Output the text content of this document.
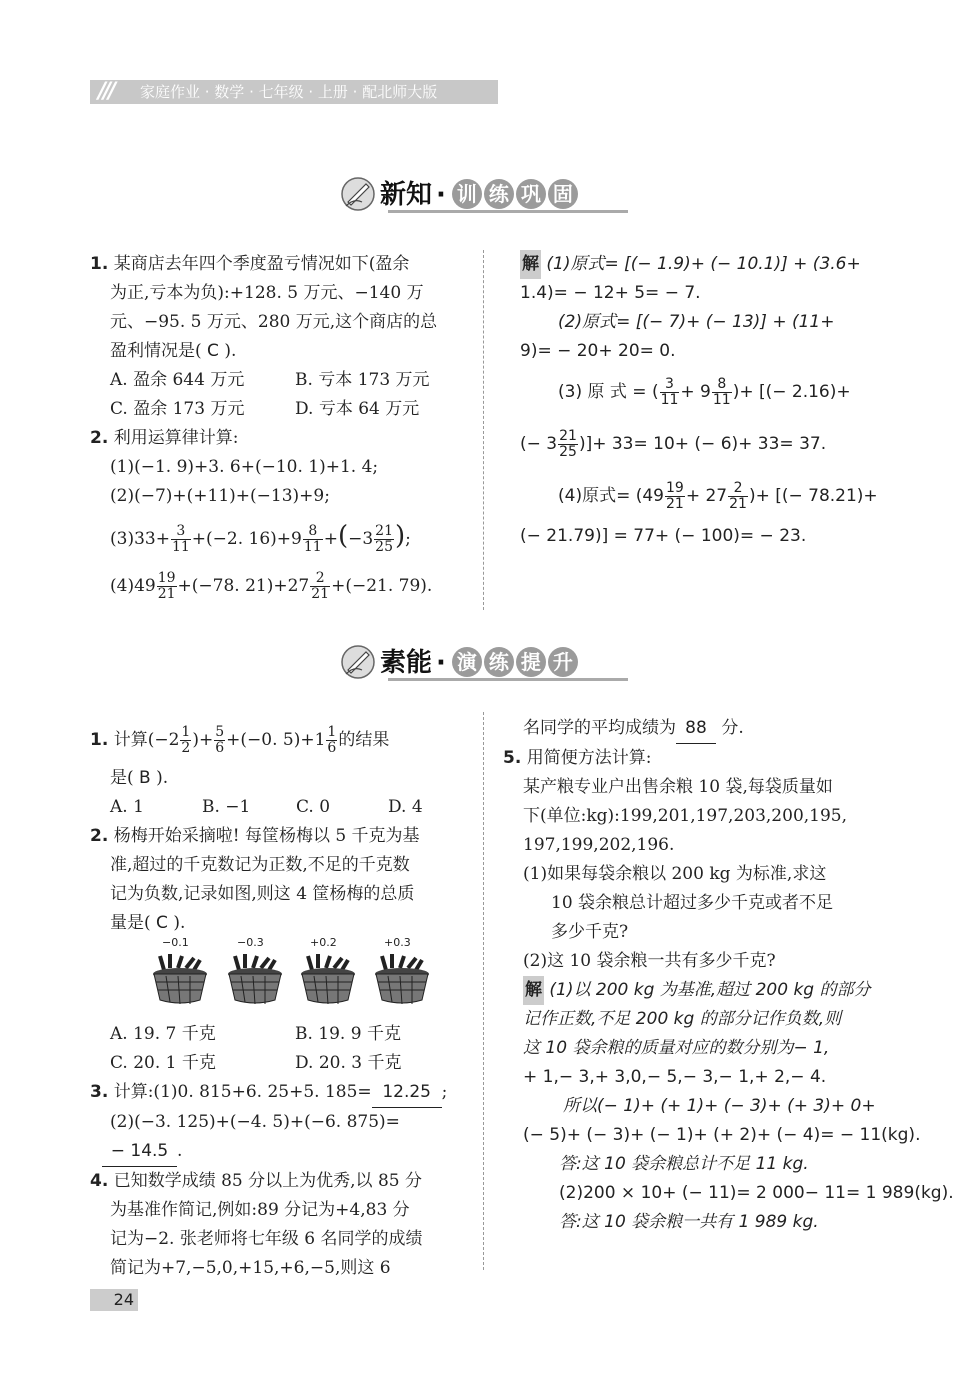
/// 家庭作业 · 数学 · 七年级 · 上册 · 配北师大版
新知 · 训 练 巩 固
1. 某商店去年四个季度盈亏情况如下(盈余
为正,亏本为负):+128. 5 万元、−140 万
元、−95. 5 万元、280 万元,这个商店的总
盈利情况是( C ).
A. 盈余 644 万元	B. 亏本 173 万元
C. 盈余 173 万元	D. 亏本 64 万元
2. 利用运算律计算:
(1)(−1. 9)+3. 6+(−10. 1)+1. 4;
(2)(−7)+(+11)+(−13)+9;
$(3)33+ \frac{3}{11} +(-2$. $16)+9 \frac{8}{11} +(-3 \frac{21}{25}$ );
$(4)49 \frac{19}{21} +(-78$. $21)+27 \frac{2}{21} +(-21$. 79).
解 (1)原式= [(− 1.9)+ (− 10.1)] + (3.6+
1.4)= − 12+ 5= − 7.
(2)原式= [(− 7)+ (− 13)] + (11+
9)= − 20+ 20= 0.
(3) 原 式 = ( $\frac{3}{11} + 9 \frac{8}{11}$ )+ [(− 2.16)+
(− $3 \frac{21}{25}$ )]+ 33= 10+ (− 6)+ 33= 37.
(4)原式= ($49 \frac{19}{21} + 27 \frac{2}{21}$ )+ [(− 78.21)+
(− 21.79)] = 77+ (− 100)= − 23.
素能 · 演 练 提 升
1. 计算($-2 \frac{1}{2}$ )+ $\frac{5}{6} +(-0$. $5)+1 \frac{1}{6}$ 的结果
是( B ).
A. 1	B. −1	C. 0	D. 4
2. 杨梅开始采摘啦! 每筐杨梅以 5 千克为基
准,超过的千克数记为正数,不足的千克数
记为负数,记录如图,则这 4 筐杨梅的总质
量是( C ).
A. 19. 7 千克	B. 19. 9 千克
C. 20. 1 千克	D. 20. 3 千克
3. 计算:(1)0. 815+6. 25+5. 185= 12.25 ;
(2)(−3. 125)+(−4. 5)+(−6. 875)=
− 14.5 .
4. 已知数学成绩 85 分以上为优秀,以 85 分
为基准作简记,例如:89 分记为+4,83 分
记为−2. 张老师将七年级 6 名同学的成绩
简记为+7,−5,0,+15,+6,−5,则这 6
−0.1	−0.3	+0.2	+0.3
名同学的平均成绩为 88 分.
5. 用简便方法计算:
某产粮专业户出售余粮 10 袋,每袋质量如
下(单位:kg):199,201,197,203,200,195,
197,199,202,196.
(1)如果每袋余粮以 200 kg 为标准,求这
10 袋余粮总计超过多少千克或者不足
多少千克?
(2)这 10 袋余粮一共有多少千克?
解 (1)以 200 kg 为基准,超过 200 kg 的部分
记作正数,不足 200 kg 的部分记作负数,则
这 10 袋余粮的质量对应的数分别为− 1,
+ 1,− 3,+ 3,0,− 5,− 3,− 1,+ 2,− 4.
所以(− 1)+ (+ 1)+ (− 3)+ (+ 3)+ 0+
(− 5)+ (− 3)+ (− 1)+ (+ 2)+ (− 4)= − 11(kg).
答:这 10 袋余粮总计不足 11 kg.
(2)200 × 10+ (− 11)= 2 000− 11= 1 989(kg).
答:这 10 袋余粮一共有 1 989 kg.
24
